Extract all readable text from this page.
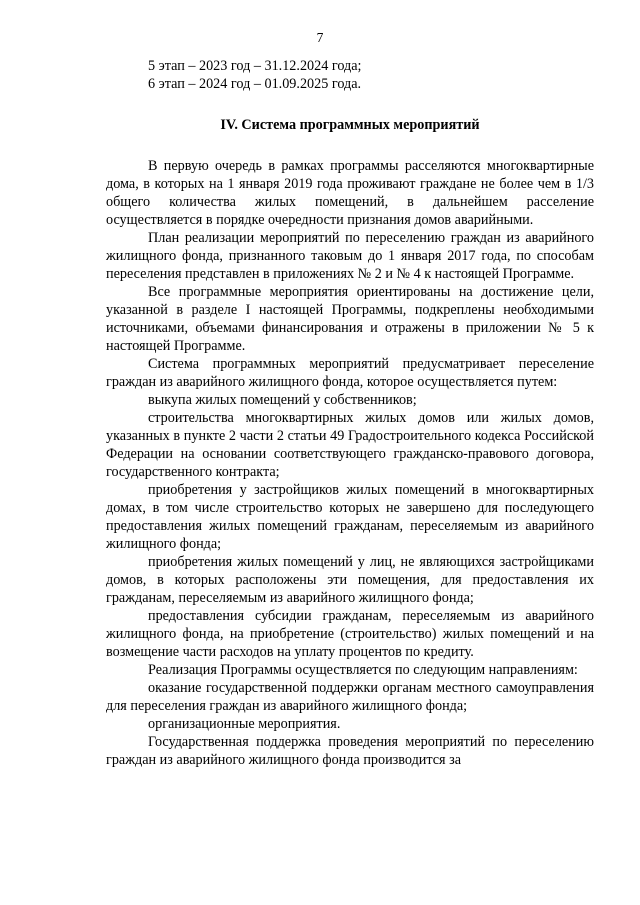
7
5 этап – 2023 год – 31.12.2024 года;
6 этап – 2024 год – 01.09.2025 года.
IV. Система программных мероприятий

В первую очередь в рамках программы расселяются многоквартирные дома, в которых на 1 января 2019 года проживают граждане не более чем в 1/3 общего количества жилых помещений, в дальнейшем расселение осуществляется в порядке очередности признания домов аварийными.

План реализации мероприятий по переселению граждан из аварийного жилищного фонда, признанного таковым до 1 января 2017 года, по способам переселения представлен в приложениях № 2 и № 4 к настоящей Программе.

Все программные мероприятия ориентированы на достижение цели, указанной в разделе I настоящей Программы, подкреплены необходимыми источниками, объемами финансирования и отражены в приложении № 5 к настоящей Программе.

Система программных мероприятий предусматривает переселение граждан из аварийного жилищного фонда, которое осуществляется путем:

выкупа жилых помещений у собственников;

строительства многоквартирных жилых домов или жилых домов, указанных в пункте 2 части 2 статьи 49 Градостроительного кодекса Российской Федерации на основании соответствующего гражданско-правового договора, государственного контракта;

приобретения у застройщиков жилых помещений в многоквартирных домах, в том числе строительство которых не завершено для последующего предоставления жилых помещений гражданам, переселяемым из аварийного жилищного фонда;

приобретения жилых помещений у лиц, не являющихся застройщиками домов, в которых расположены эти помещения, для предоставления их гражданам, переселяемым из аварийного жилищного фонда;

предоставления субсидии гражданам, переселяемым из аварийного жилищного фонда, на приобретение (строительство) жилых помещений и на возмещение части расходов на уплату процентов по кредиту.

Реализация Программы осуществляется по следующим направлениям:

оказание государственной поддержки органам местного самоуправления для переселения граждан из аварийного жилищного фонда;

организационные мероприятия.

Государственная поддержка проведения мероприятий по переселению граждан из аварийного жилищного фонда производится за
